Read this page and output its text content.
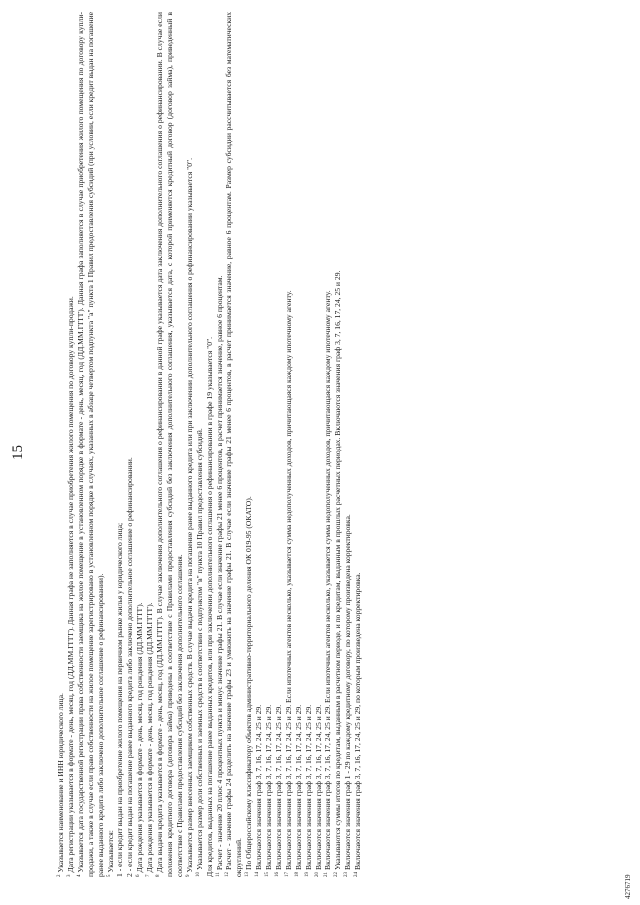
15

$^2$Указывается наименование и ИНН юридического лица.

$^3$Дата регистрации указывается в формате - день, месяц, год (ДД.ММ.ГГГГ). Данная графа не заполняется в случае приобретения жилого помещения по договору купли-продажи.

$^4$Указывается дата государственной регистрации права собственности заемщика на жилое помещение в установленном порядке в формате - день, месяц, год (ДД.ММ.ГГГГ). Данная графа заполняется в случае приобретения жилого помещения по договору купли-продажи, а также в случае если право собственности на жилое помещение зарегистрировано в установленном порядке в случаях, указанных в абзаце четвертом подпункта "а" пункта 1 Правил предоставления субсидий (при условии, если кредит выдан на погашение ранее выданного кредита либо заключено дополнительное соглашение о рефинансировании). $^5$Указывается: 1 - если кредит выдан на приобретение жилого помещения на первичном рынке жилья у юридического лица; 2 - если кредит выдан на погашение ранее выданного кредита либо заключено дополнительное соглашение о рефинансировании. $^6$Дата рождения указывается в формате - день, месяц, год рождения (ДД.ММ.ГГГГ).

$^7$Дата рождения указывается в формате - день, месяц, год рождения (ДД.ММ.ГГГГ).

$^8$Дата выдачи кредита указывается в формате - день, месяц, год (ДД.ММ.ГГГГ). В случае заключения дополнительного соглашения о рефинансировании в данной графе указывается дата заключения дополнительного соглашения о рефинансировании. В случае если положения кредитного договора (договора займа) приведены в соответствие с Правилами предоставления субсидий без заключения дополнительного соглашения, указывается дата, с которой применяется кредитный договор (договор займа), приведенный в соответствие с Правилами предоставления субсидий без заключения дополнительного соглашения. $^9$Указывается размер внесенных заемщиком собственных средств. В случае выдачи кредита на погашение ранее выданного кредита или при заключении дополнительного соглашения о рефинансировании указывается "0".

$^{10}$Указывается размер доли собственных и заемных средств в соответствии с подпунктом "в" пункта 10 Правил предоставления субсидий. Для кредитов, выданных на погашение ранее выданных кредитов, или при заключении дополнительного соглашения о рефинансировании в графе 19 указывается "0". $^{11}$Расчет - значение 20 плюс 4 процентных пункта и минус значение графы 21. В случае если значение графы 21 менее 6 процентов, в расчет принимается значение, равное 6 процентам.

$^{12}$Расчет - значение графы 24 разделить на значение графы 23 и умножить на значение графы 21. В случае если значение графы 21 менее 6 процентов, в расчет принимается значение, равное 6 процентам. Размер субсидии рассчитывается без математических округлений. $^{13}$По Общероссийскому классификатору объектов административно-территориального деления ОК 019-95 (ОКАТО).

$^{14}$Включаются значения граф 3, 7, 16, 17, 24, 25 и 29.

$^{15}$Включаются значения граф 3, 7, 16, 17, 24, 25 и 29.

$^{16}$Включаются значения граф 3, 7, 16, 17, 24, 25 и 29.

$^{17}$Включаются значения граф 3, 7, 16, 17, 24, 25 и 29. Если ипотечных агентов несколько, указывается сумма недополученных доходов, причитающаяся каждому ипотечному агенту.

$^{18}$Включаются значения граф 3, 7, 16, 17, 24, 25 и 29.

$^{19}$Включаются значения граф 3, 7, 16, 17, 24, 25 и 29.

$^{20}$Включаются значения граф 3, 7, 16, 17, 24, 25 и 29.

$^{21}$Включаются значения граф 3, 7, 16, 17, 24, 25 и 29. Если ипотечных агентов несколько, указывается сумма недополученных доходов, причитающаяся каждому ипотечному агенту.

$^{22}$Указываются суммы итогов по кредитам, выданным в расчетном периоде, и по кредитам, выданным в прошлых расчетных периодах. Включаются значения граф 3, 7, 16, 17, 24, 25 и 29.

$^{23}$Включаются значения граф 1 - 29 по каждому кредитному договору, по которому произведена корректировка.

$^{24}$Включаются значения граф 3, 7, 16, 17, 24, 25 и 29, по которым произведена корректировка.

4276719
